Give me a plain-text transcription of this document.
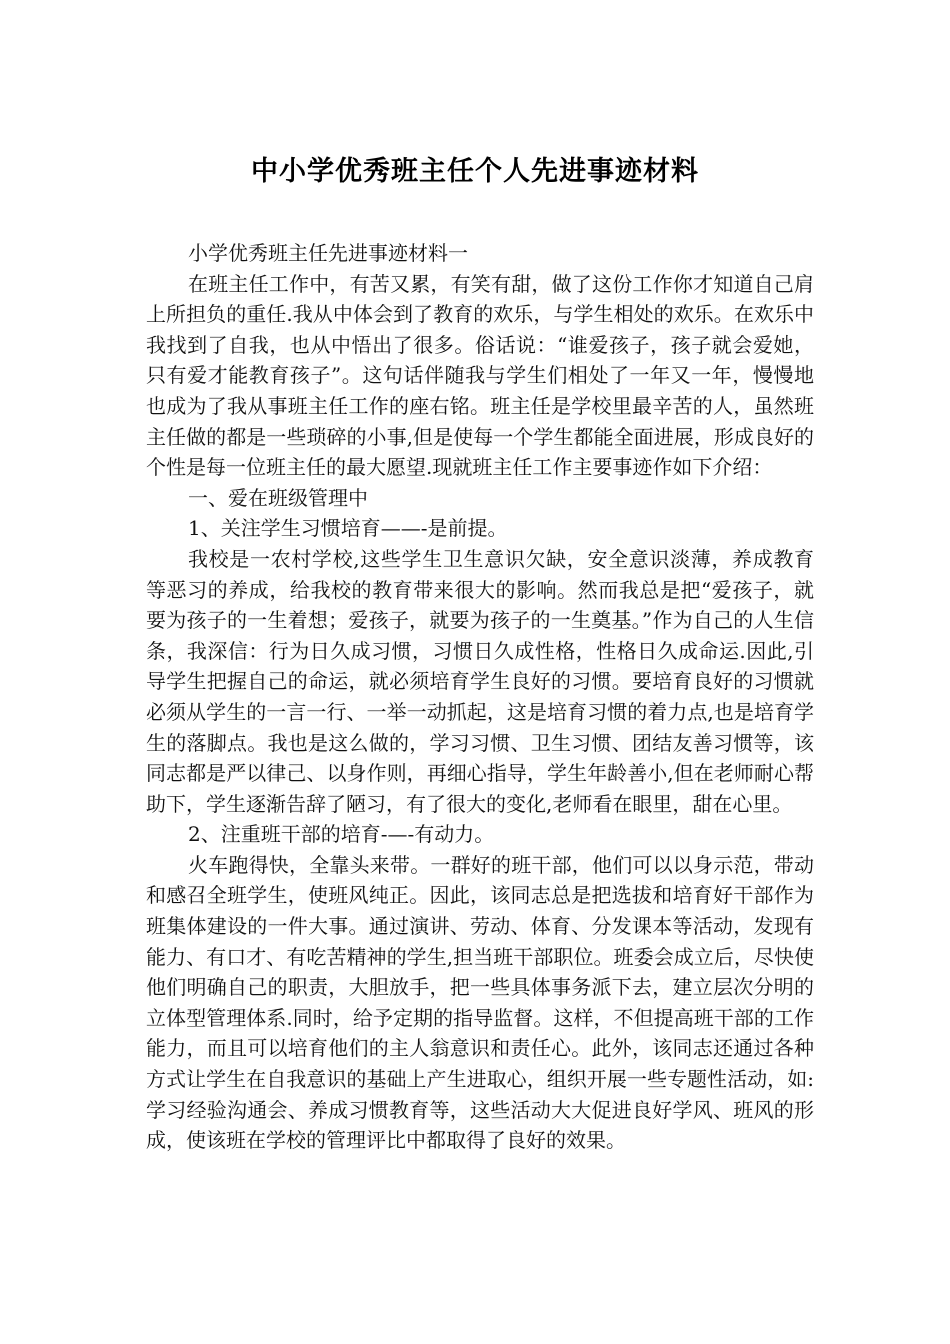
中小学优秀班主任个人先进事迹材料

小学优秀班主任先进事迹材料一

在班主任工作中，有苦又累，有笑有甜，做了这份工作你才知道自己肩上所担负的重任.我从中体会到了教育的欢乐，与学生相处的欢乐。在欢乐中我找到了自我，也从中悟出了很多。俗话说：“谁爱孩子，孩子就会爱她，只有爱才能教育孩子”。这句话伴随我与学生们相处了一年又一年，慢慢地也成为了我从事班主任工作的座右铭。班主任是学校里最辛苦的人，虽然班主任做的都是一些琐碎的小事,但是使每一个学生都能全面进展，形成良好的个性是每一位班主任的最大愿望.现就班主任工作主要事迹作如下介绍：

一、爱在班级管理中

1、关注学生习惯培育——-是前提。

我校是一农村学校,这些学生卫生意识欠缺，安全意识淡薄，养成教育等恶习的养成，给我校的教育带来很大的影响。然而我总是把“爱孩子，就要为孩子的一生着想；爱孩子，就要为孩子的一生奠基。”作为自己的人生信条，我深信：行为日久成习惯，习惯日久成性格，性格日久成命运.因此,引导学生把握自己的命运，就必须培育学生良好的习惯。要培育良好的习惯就必须从学生的一言一行、一举一动抓起，这是培育习惯的着力点,也是培育学生的落脚点。我也是这么做的，学习习惯、卫生习惯、团结友善习惯等，该同志都是严以律己、以身作则，再细心指导，学生年龄善小,但在老师耐心帮助下，学生逐渐告辞了陋习，有了很大的变化,老师看在眼里，甜在心里。

2、注重班干部的培育-—-有动力。

火车跑得快，全靠头来带。一群好的班干部，他们可以以身示范，带动和感召全班学生，使班风纯正。因此，该同志总是把选拔和培育好干部作为班集体建设的一件大事。通过演讲、劳动、体育、分发课本等活动，发现有能力、有口才、有吃苦精神的学生,担当班干部职位。班委会成立后，尽快使他们明确自己的职责，大胆放手，把一些具体事务派下去，建立层次分明的立体型管理体系.同时，给予定期的指导监督。这样，不但提高班干部的工作能力，而且可以培育他们的主人翁意识和责任心。此外，该同志还通过各种方式让学生在自我意识的基础上产生进取心，组织开展一些专题性活动，如:学习经验沟通会、养成习惯教育等，这些活动大大促进良好学风、班风的形成，使该班在学校的管理评比中都取得了良好的效果。
